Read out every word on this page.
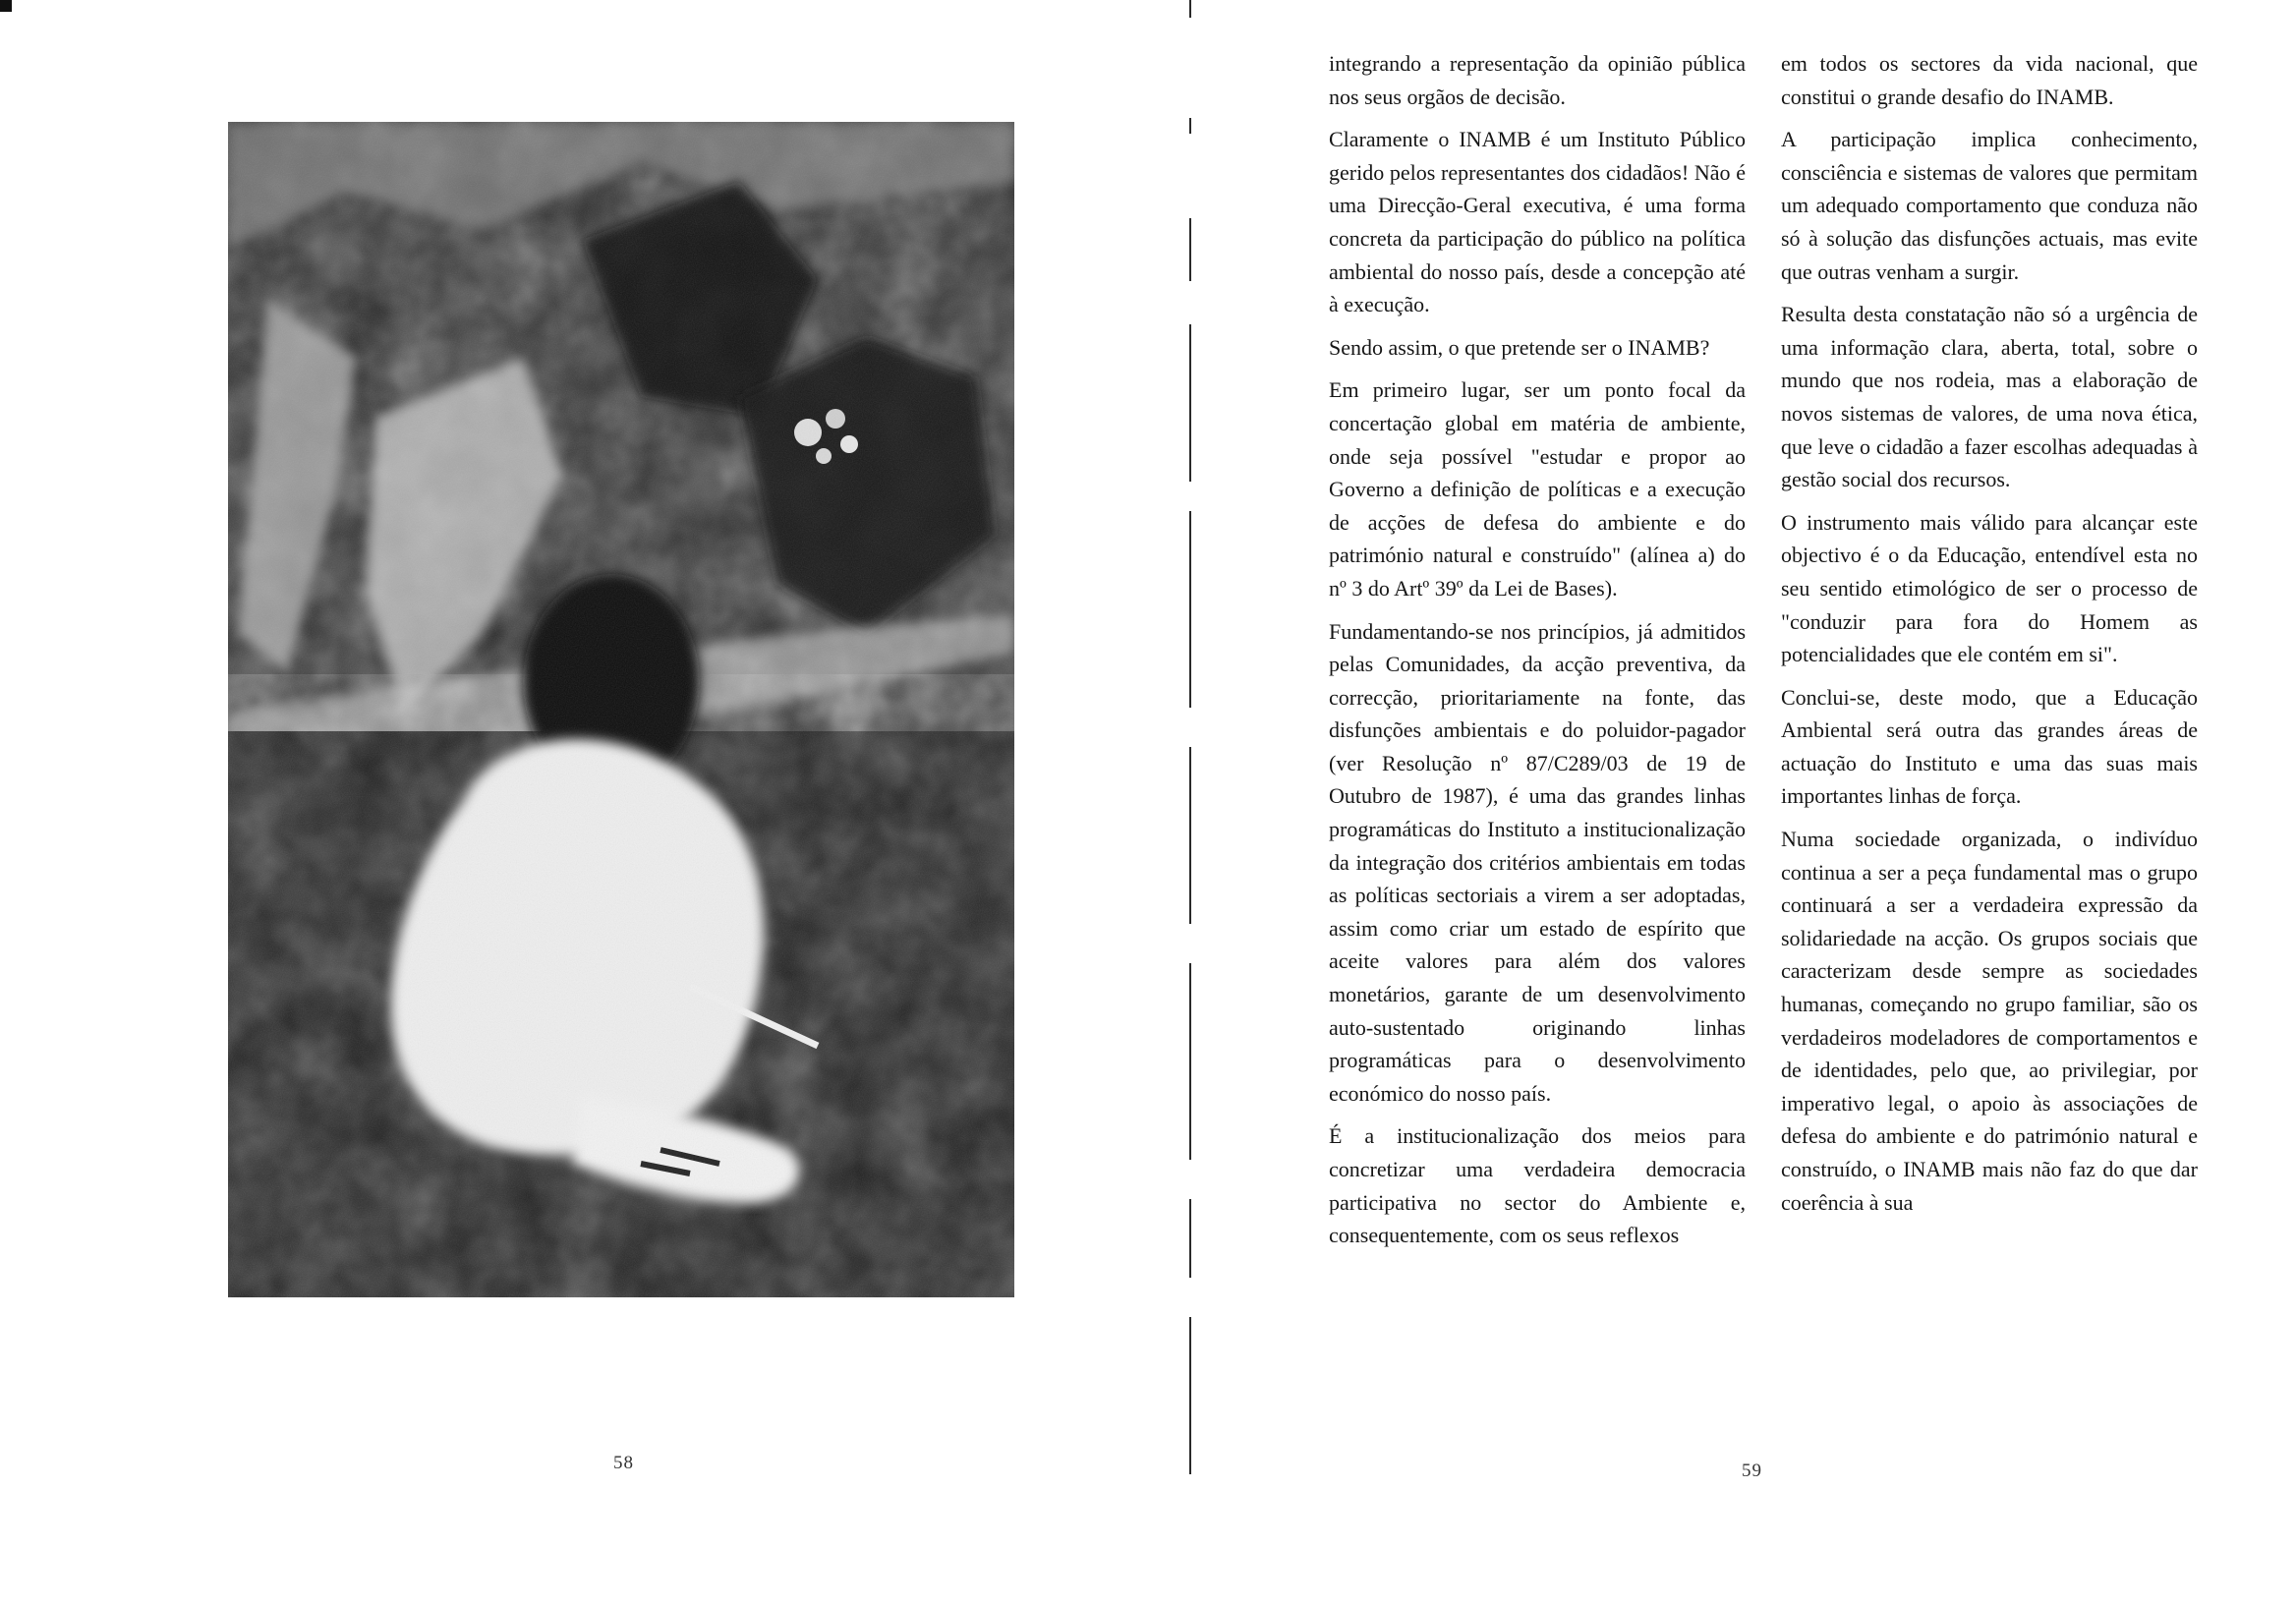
58

integrando a representação da opinião pública nos seus orgãos de decisão.

Claramente o INAMB é um Instituto Público gerido pelos representantes dos cidadãos! Não é uma Direcção-Geral executiva, é uma forma concreta da participação do público na política ambiental do nosso país, desde a concepção até à execução.

Sendo assim, o que pretende ser o INAMB?

Em primeiro lugar, ser um ponto focal da concertação global em matéria de ambiente, onde seja possível "estudar e propor ao Governo a definição de políticas e a execução de acções de defesa do ambiente e do património natural e construído" (alínea a) do nº 3 do Artº 39º da Lei de Bases).

Fundamentando-se nos princípios, já admitidos pelas Comunidades, da acção preventiva, da correcção, prioritariamente na fonte, das disfunções ambientais e do poluidor-pagador (ver Resolução nº 87/C289/03 de 19 de Outubro de 1987), é uma das grandes linhas programáticas do Instituto a institucionalização da integração dos critérios ambientais em todas as políticas sectoriais a virem a ser adoptadas, assim como criar um estado de espírito que aceite valores para além dos valores monetários, garante de um desenvolvimento auto-sustentado originando linhas programáticas para o desenvolvimento económico do nosso país.

É a institucionalização dos meios para concretizar uma verdadeira democracia participativa no sector do Ambiente e, consequentemente, com os seus reflexos

em todos os sectores da vida nacional, que constitui o grande desafio do INAMB.

A participação implica conhecimento, consciência e sistemas de valores que permitam um adequado comportamento que conduza não só à solução das disfunções actuais, mas evite que outras venham a surgir.

Resulta desta constatação não só a urgência de uma informação clara, aberta, total, sobre o mundo que nos rodeia, mas a elaboração de novos sistemas de valores, de uma nova ética, que leve o cidadão a fazer escolhas adequadas à gestão social dos recursos.

O instrumento mais válido para alcançar este objectivo é o da Educação, entendível esta no seu sentido etimológico de ser o processo de "conduzir para fora do Homem as potencialidades que ele contém em si".

Conclui-se, deste modo, que a Educação Ambiental será outra das grandes áreas de actuação do Instituto e uma das suas mais importantes linhas de força.

Numa sociedade organizada, o indivíduo continua a ser a peça fundamental mas o grupo continuará a ser a verdadeira expressão da solidariedade na acção. Os grupos sociais que caracterizam desde sempre as sociedades humanas, começando no grupo familiar, são os verdadeiros modeladores de comportamentos e de identidades, pelo que, ao privilegiar, por imperativo legal, o apoio às associações de defesa do ambiente e do património natural e construído, o INAMB mais não faz do que dar coerência à sua

59
